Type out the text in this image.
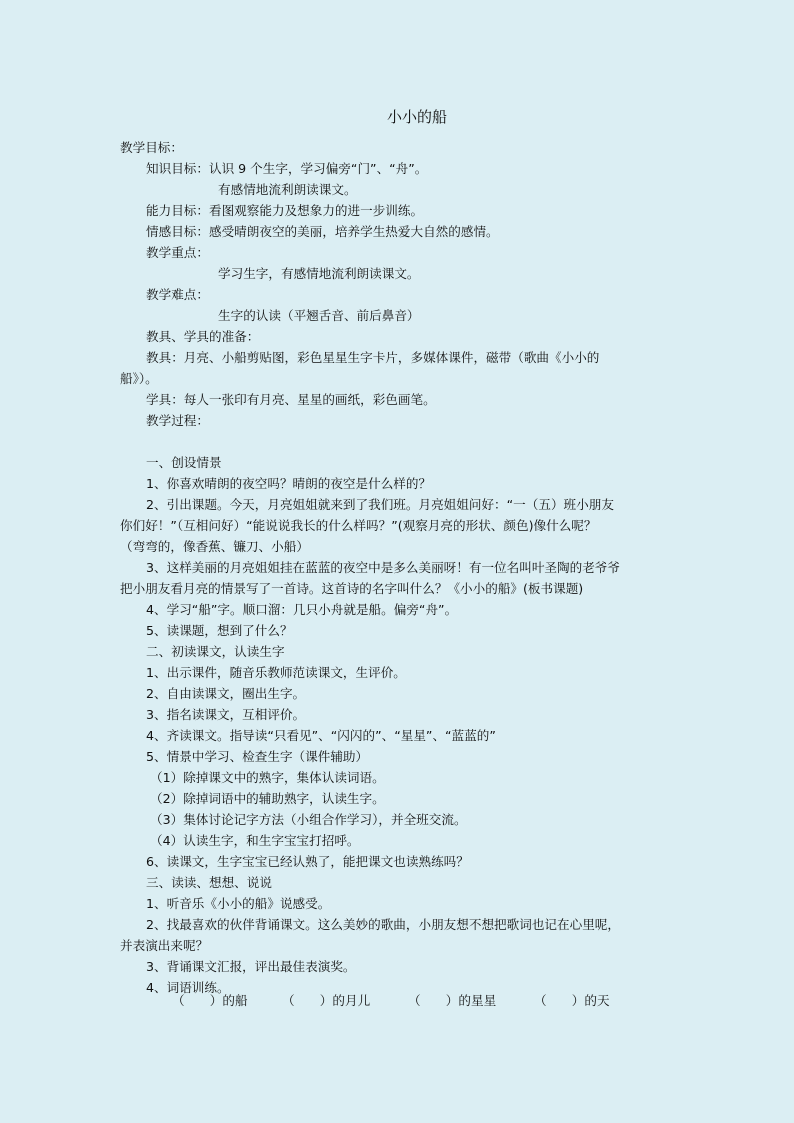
小小的船
教学目标：
知识目标：认识 9 个生字，学习偏旁“门”、“舟”。
有感情地流利朗读课文。
能力目标：看图观察能力及想象力的进一步训练。
情感目标：感受晴朗夜空的美丽，培养学生热爱大自然的感情。
教学重点：
学习生字，有感情地流利朗读课文。
教学难点：
生字的认读（平翘舌音、前后鼻音）
教具、学具的准备：
教具：月亮、小船剪贴图，彩色星星生字卡片，多媒体课件，磁带（歌曲《小小的
船》）。
学具：每人一张印有月亮、星星的画纸，彩色画笔。
教学过程：
一、创设情景
1、你喜欢晴朗的夜空吗？晴朗的夜空是什么样的？
2、引出课题。今天，月亮姐姐就来到了我们班。月亮姐姐问好：“一（五）班小朋友
你们好！”（互相问好）“能说说我长的什么样吗？”(观察月亮的形状、颜色)像什么呢？
（弯弯的，像香蕉、镰刀、小船）
3、这样美丽的月亮姐姐挂在蓝蓝的夜空中是多么美丽呀！有一位名叫叶圣陶的老爷爷
把小朋友看月亮的情景写了一首诗。这首诗的名字叫什么？《小小的船》(板书课题)
4、学习“船”字。顺口溜：几只小舟就是船。偏旁“舟”。
5、读课题，想到了什么？
二、初读课文，认读生字
1、出示课件，随音乐教师范读课文，生评价。
2、自由读课文，圈出生字。
3、指名读课文，互相评价。
4、齐读课文。指导读“只看见”、“闪闪的”、“星星”、“蓝蓝的”
5、情景中学习、检查生字（课件辅助）
（1）除掉课文中的熟字，集体认读词语。
（2）除掉词语中的辅助熟字，认读生字。
（3）集体讨论记字方法（小组合作学习），并全班交流。
（4）认读生字，和生字宝宝打招呼。
6、读课文，生字宝宝已经认熟了，能把课文也读熟练吗？
三、读读、想想、说说
1、听音乐《小小的船》说感受。
2、找最喜欢的伙伴背诵课文。这么美妙的歌曲，小朋友想不想把歌词也记在心里呢，
并表演出来呢？
3、背诵课文汇报，评出最佳表演奖。
4、词语训练。
（　　）的船	（　　）的月儿	（　　）的星星	（　　）的天
